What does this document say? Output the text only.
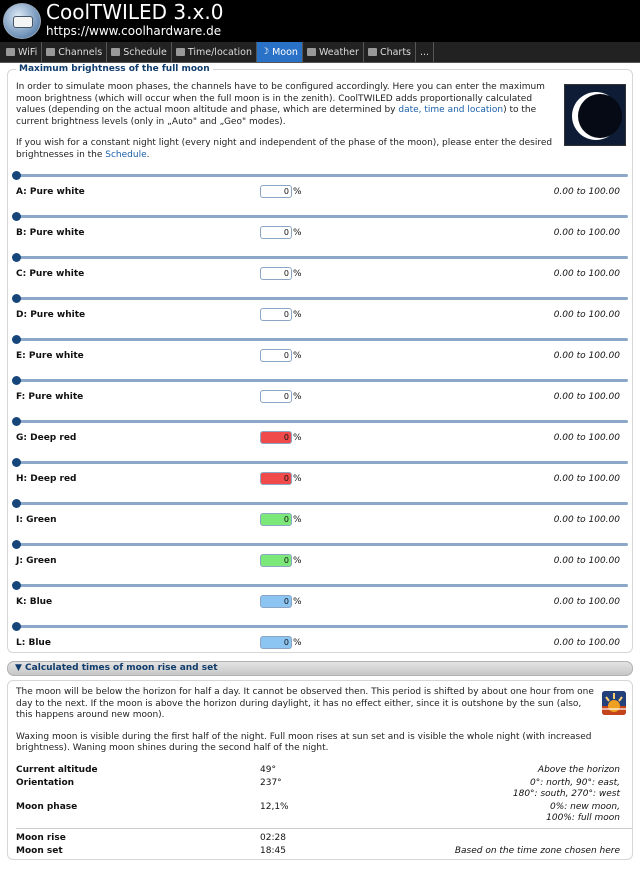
CoolTWILED 3.x.0
https://www.coolhardware.de
WiFi Channels Schedule Time/location ☽ Moon Weather Charts ...
Maximum brightness of the full moon

In order to simulate moon phases, the channels have to be configured accordingly. Here you can enter the maximum moon brightness (which will occur when the full moon is in the zenith). CoolTWILED adds proportionally calculated values (depending on the actual moon altitude and phase, which are determined by date, time and location) to the current brightness levels (only in „Auto" and „Geo" modes).

If you wish for a constant night light (every night and independent of the phase of the moon), please enter the desired brightnesses in the Schedule.

A: Pure white	0 %	0.00 to 100.00
B: Pure white	0 %	0.00 to 100.00
C: Pure white	0 %	0.00 to 100.00
D: Pure white	0 %	0.00 to 100.00
E: Pure white	0 %	0.00 to 100.00
F: Pure white	0 %	0.00 to 100.00
G: Deep red	0 %	0.00 to 100.00
H: Deep red	0 %	0.00 to 100.00
I: Green	0 %	0.00 to 100.00
J: Green	0 %	0.00 to 100.00
K: Blue	0 %	0.00 to 100.00
L: Blue	0 %	0.00 to 100.00
▼ Calculated times of moon rise and set

The moon will be below the horizon for half a day. It cannot be observed then. This period is shifted by about one hour from one day to the next. If the moon is above the horizon during daylight, it has no effect either, since it is outshone by the sun (also, this happens around new moon).

Waxing moon is visible during the first half of the night. Full moon rises at sun set and is visible the whole night (with increased brightness). Waning moon shines during the second half of the night.

Current altitude	49°	Above the horizon
Orientation	237°	0°: north, 90°: east,
180°: south, 270°: west
Moon phase	12,1%	0%: new moon,
100%: full moon
Moon rise	02:28
Moon set	18:45	Based on the time zone chosen here
